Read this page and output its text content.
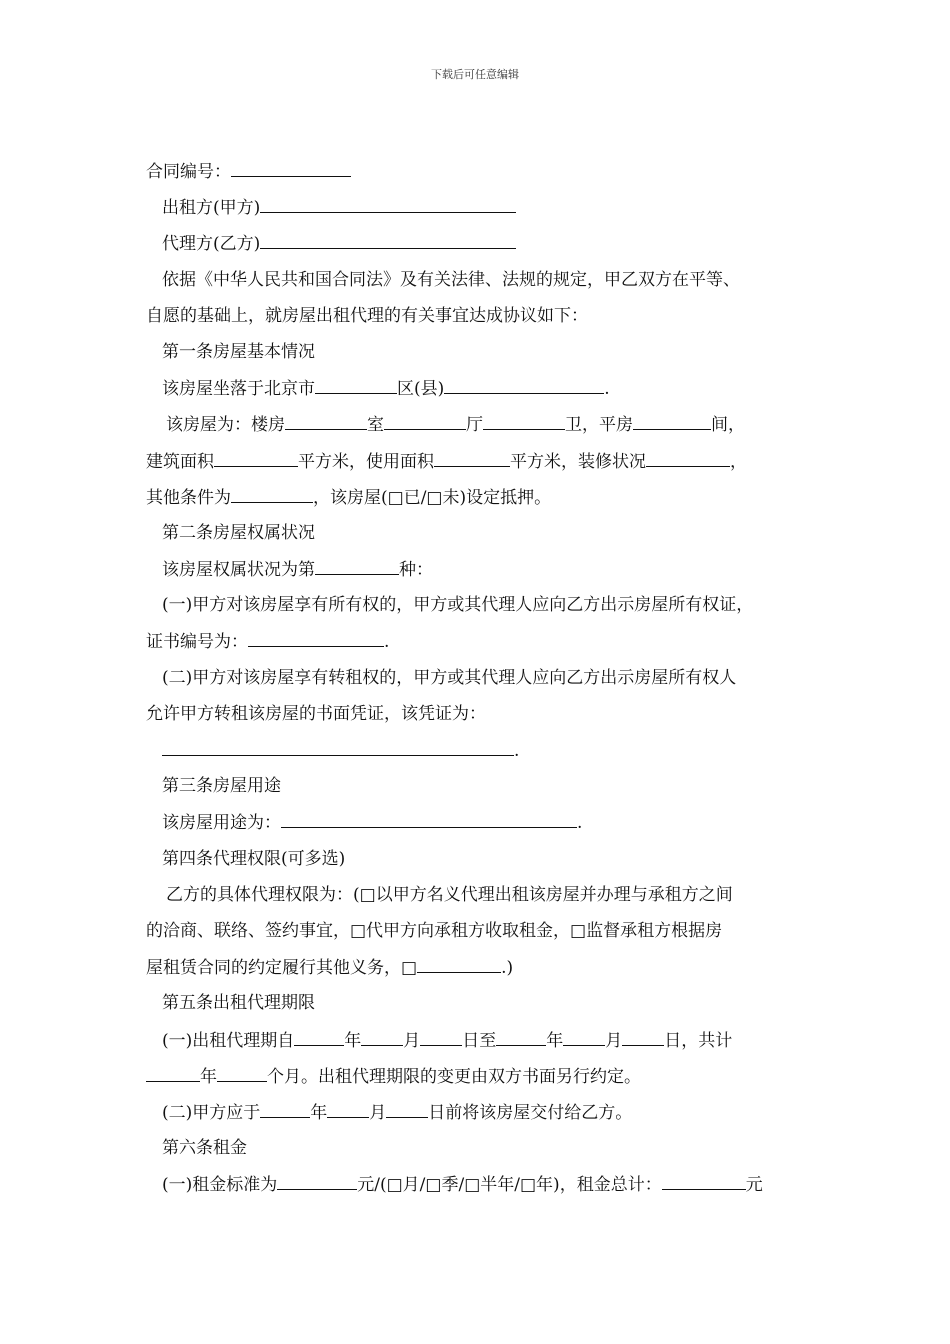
下载后可任意编辑
合同编号：
出租方(甲方)
代理方(乙方)
依据《中华人民共和国合同法》及有关法律、法规的规定，甲乙双方在平等、
自愿的基础上，就房屋出租代理的有关事宜达成协议如下：
第一条房屋基本情况
该房屋坐落于北京市	区(县)	.
该房屋为：楼房	室	厅	卫，平房	间，
建筑面积	平方米，使用面积	平方米，装修状况	，
其他条件为	，该房屋(□已/□未)设定抵押。
第二条房屋权属状况
该房屋权属状况为第	种：
(一)甲方对该房屋享有所有权的，甲方或其代理人应向乙方出示房屋所有权证，
证书编号为：	.
(二)甲方对该房屋享有转租权的，甲方或其代理人应向乙方出示房屋所有权人
允许甲方转租该房屋的书面凭证，该凭证为：
.
第三条房屋用途
该房屋用途为：	.
第四条代理权限(可多选)
乙方的具体代理权限为：(□以甲方名义代理出租该房屋并办理与承租方之间
的洽商、联络、签约事宜，□代甲方向承租方收取租金，□监督承租方根据房
屋租赁合同的约定履行其他义务，□	.)
第五条出租代理期限
(一)出租代理期自	年 月 日至	年 月 日，共计
年	个月。出租代理期限的变更由双方书面另行约定。
(二)甲方应于	年 月 日前将该房屋交付给乙方。
第六条租金
(一)租金标准为	元/(□月/□季/□半年/□年)，租金总计：	元
